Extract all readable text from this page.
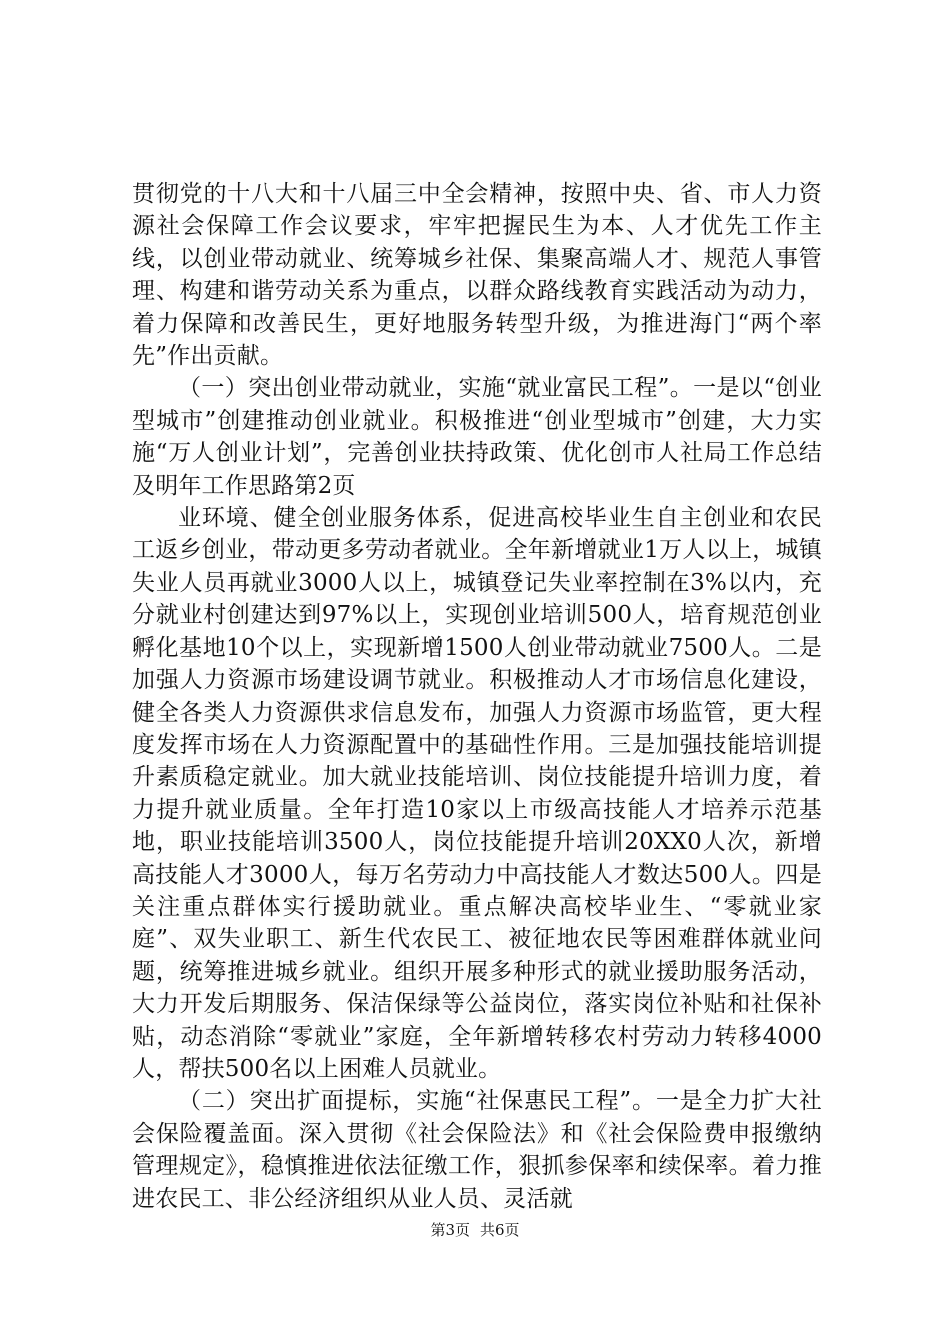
贯彻党的十八大和十八届三中全会精神，按照中央、省、市人力资源社会保障工作会议要求，牢牢把握民生为本、人才优先工作主线，以创业带动就业、统筹城乡社保、集聚高端人才、规范人事管理、构建和谐劳动关系为重点，以群众路线教育实践活动为动力，着力保障和改善民生，更好地服务转型升级，为推进海门“两个率先”作出贡献。

（一）突出创业带动就业，实施“就业富民工程”。一是以“创业型城市”创建推动创业就业。积极推进“创业型城市”创建，大力实施“万人创业计划”，完善创业扶持政策、优化创市人社局工作总结及明年工作思路第2页

业环境、健全创业服务体系，促进高校毕业生自主创业和农民工返乡创业，带动更多劳动者就业。全年新增就业1万人以上，城镇失业人员再就业3000人以上，城镇登记失业率控制在3%以内，充分就业村创建达到97%以上，实现创业培训500人，培育规范创业孵化基地10个以上，实现新增1500人创业带动就业7500人。二是加强人力资源市场建设调节就业。积极推动人才市场信息化建设，健全各类人力资源供求信息发布，加强人力资源市场监管，更大程度发挥市场在人力资源配置中的基础性作用。三是加强技能培训提升素质稳定就业。加大就业技能培训、岗位技能提升培训力度，着力提升就业质量。全年打造10家以上市级高技能人才培养示范基地，职业技能培训3500人，岗位技能提升培训20XX0人次，新增高技能人才3000人，每万名劳动力中高技能人才数达500人。四是关注重点群体实行援助就业。重点解决高校毕业生、“零就业家庭”、双失业职工、新生代农民工、被征地农民等困难群体就业问题，统筹推进城乡就业。组织开展多种形式的就业援助服务活动，大力开发后期服务、保洁保绿等公益岗位，落实岗位补贴和社保补贴，动态消除“零就业”家庭，全年新增转移农村劳动力转移4000人，帮扶500名以上困难人员就业。

（二）突出扩面提标，实施“社保惠民工程”。一是全力扩大社会保险覆盖面。深入贯彻《社会保险法》和《社会保险费申报缴纳管理规定》，稳慎推进依法征缴工作，狠抓参保率和续保率。着力推进农民工、非公经济组织从业人员、灵活就

第3页 共6页
